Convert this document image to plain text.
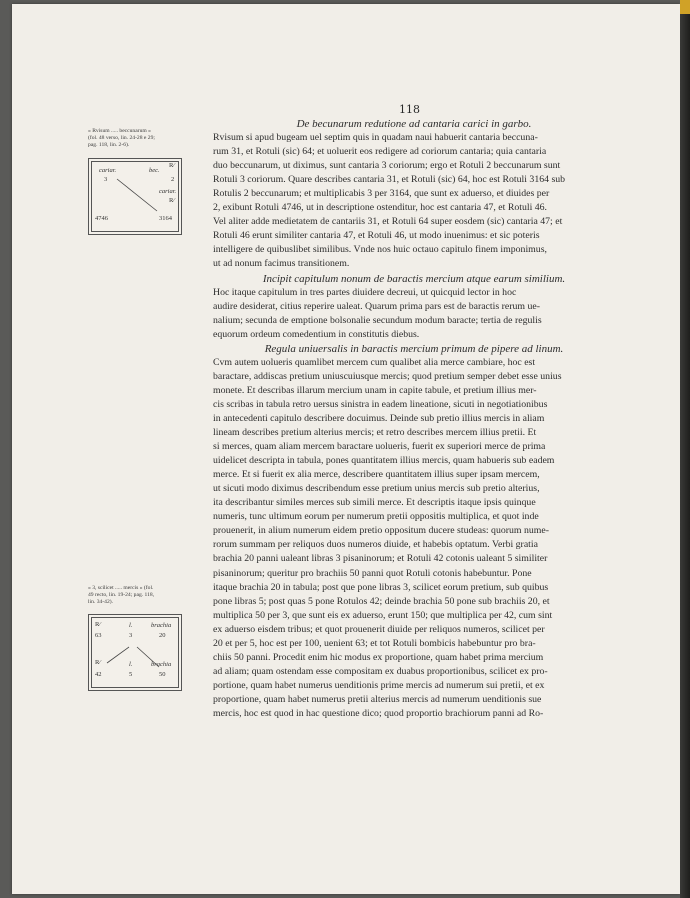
118
« Rvisum ..... beccunarum »
(fol. 48 verso, lin. 24-28 e 29;
pag. 118, lin. 2-6).
cariar.	bec.
R⁄
3	2
cariar.
R⁄
4746	3164
« 3, scilicet ..... mercis » (fol.
49 recto, lin. 19-24; pag. 118,
lin. 34-42).
R⁄	l.	brachia
63	3	20
R⁄	l.	brachia
42	5	50
De becunarum redutione ad cantaria carici in garbo.

Rvisum si apud bugeam uel septim quis in quadam naui habuerit cantaria beccuna-
rum 31, et Rotuli (sic) 64; et uoluerit eos redigere ad coriorum cantaria; quia cantaria
duo beccunarum, ut diximus, sunt cantaria 3 coriorum; ergo et Rotuli 2 beccunarum sunt
Rotuli 3 coriorum. Quare describes cantaria 31, et Rotuli (sic) 64, hoc est Rotuli 3164 sub
Rotulis 2 beccunarum; et multiplicabis 3 per 3164, que sunt ex aduerso, et diuides per
2, exibunt Rotuli 4746, ut in descriptione ostenditur, hoc est cantaria 47, et Rotuli 46.
Vel aliter adde medietatem de cantariis 31, et Rotuli 64 super eosdem (sic) cantaria 47; et
Rotuli 46 erunt similiter cantaria 47, et Rotuli 46, ut modo inuenimus: et sic poteris
intelligere de quibuslibet similibus. Vnde nos huic octauo capitulo finem imponimus,
ut ad nonum facimus transitionem.

Incipit capitulum nonum de baractis mercium atque earum similium.

Hoc itaque capitulum in tres partes diuidere decreui, ut quicquid lector in hoc
audire desiderat, citius reperire ualeat. Quarum prima pars est de baractis rerum ue-
nalium; secunda de emptione bolsonalie secundum modum baracte; tertia de regulis
equorum ordeum comedentium in constitutis diebus.

Regula uniuersalis in baractis mercium primum de pipere ad linum.

Cvm autem uolueris quamlibet mercem cum qualibet alia merce cambiare, hoc est
baractare, addiscas pretium uniuscuiusque mercis; quod pretium semper debet esse unius
monete. Et describas illarum mercium unam in capite tabule, et pretium illius mer-
cis scribas in tabula retro uersus sinistra in eadem lineatione, sicuti in negotiationibus
in antecedenti capitulo describere docuimus. Deinde sub pretio illius mercis in aliam
lineam describes pretium alterius mercis; et retro describes mercem illius pretii. Et
si merces, quam aliam mercem baractare uolueris, fuerit ex superiori merce de prima
uidelicet descripta in tabula, pones quantitatem illius mercis, quam habueris sub eadem
merce. Et si fuerit ex alia merce, describere quantitatem illius super ipsam mercem,
ut sicuti modo diximus describendum esse pretium unius mercis sub pretio alterius,
ita describantur similes merces sub simili merce. Et descriptis itaque ipsis quinque
numeris, tunc ultimum eorum per numerum pretii oppositis multiplica, et quot inde
prouenerit, in alium numerum eidem pretio oppositum ducere studeas: quorum nume-
rorum summam per reliquos duos numeros diuide, et habebis optatum. Verbi gratia
brachia 20 panni ualeant libras 3 pisaninorum; et Rotuli 42 cotonis ualeant 5 similiter
pisaninorum; queritur pro brachiis 50 panni quot Rotuli cotonis habebuntur. Pone
itaque brachia 20 in tabula; post que pone libras 3, scilicet eorum pretium, sub quibus
pone libras 5; post quas 5 pone Rotulos 42; deinde brachia 50 pone sub brachiis 20, et
multiplica 50 per 3, que sunt eis ex aduerso, erunt 150; que multiplica per 42, cum sint
ex aduerso eisdem tribus; et quot prouenerit diuide per reliquos numeros, scilicet per
20 et per 5, hoc est per 100, uenient 63; et tot Rotuli bombicis habebuntur pro bra-
chiis 50 panni. Procedit enim hic modus ex proportione, quam habet prima mercium
ad aliam; quam ostendam esse compositam ex duabus proportionibus, scilicet ex pro-
portione, quam habet numerus uenditionis prime mercis ad numerum sui pretii, et ex
proportione, quam habet numerus pretii alterius mercis ad numerum uenditionis sue
mercis, hoc est quod in hac questione dico; quod proportio brachiorum panni ad Ro-
